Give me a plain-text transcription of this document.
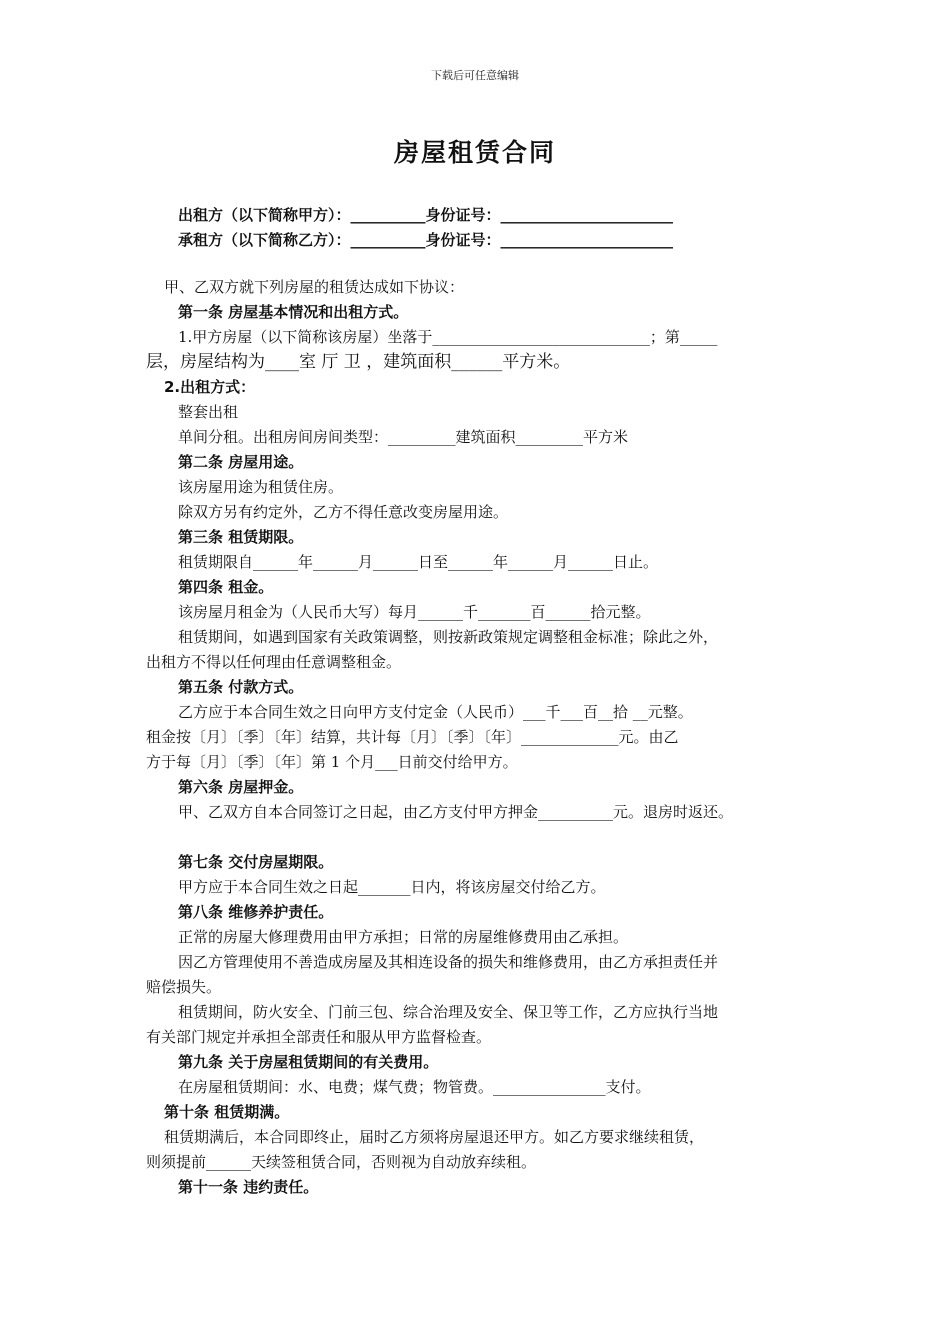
下载后可任意编辑
房屋租赁合同
出租方（以下简称甲方）：__________身份证号：_______________________
承租方（以下简称乙方）：__________身份证号：_______________________
甲、乙双方就下列房屋的租赁达成如下协议：
第一条 房屋基本情况和出租方式。
1.甲方房屋（以下简称该房屋）坐落于_____________________________；第_____
层，房屋结构为____室 厅 卫 ，建筑面积______平方米。
2.出租方式：
整套出租
单间分租。出租房间房间类型：_________建筑面积_________平方米
第二条 房屋用途。
该房屋用途为租赁住房。
除双方另有约定外，乙方不得任意改变房屋用途。
第三条 租赁期限。
租赁期限自______年______月______日至______年______月______日止。
第四条 租金。
该房屋月租金为（人民币大写）每月______千_______百______拾元整。
租赁期间，如遇到国家有关政策调整，则按新政策规定调整租金标准；除此之外，
出租方不得以任何理由任意调整租金。
第五条 付款方式。
乙方应于本合同生效之日向甲方支付定金（人民币）___千___百__拾 __元整。
租金按〔月〕〔季〕〔年〕结算，共计每〔月〕〔季〕〔年〕_____________元。由乙
方于每〔月〕〔季〕〔年〕第 1 个月___日前交付给甲方。
第六条 房屋押金。
甲、乙双方自本合同签订之日起，由乙方支付甲方押金__________元。退房时返还。
第七条 交付房屋期限。
甲方应于本合同生效之日起_______日内，将该房屋交付给乙方。
第八条 维修养护责任。
正常的房屋大修理费用由甲方承担；日常的房屋维修费用由乙承担。
因乙方管理使用不善造成房屋及其相连设备的损失和维修费用，由乙方承担责任并
赔偿损失。
租赁期间，防火安全、门前三包、综合治理及安全、保卫等工作，乙方应执行当地
有关部门规定并承担全部责任和服从甲方监督检查。
第九条 关于房屋租赁期间的有关费用。
在房屋租赁期间：水、电费；煤气费；物管费。_______________支付。
第十条 租赁期满。
租赁期满后，本合同即终止，届时乙方须将房屋退还甲方。如乙方要求继续租赁，
则须提前______天续签租赁合同，否则视为自动放弃续租。
第十一条 违约责任。
